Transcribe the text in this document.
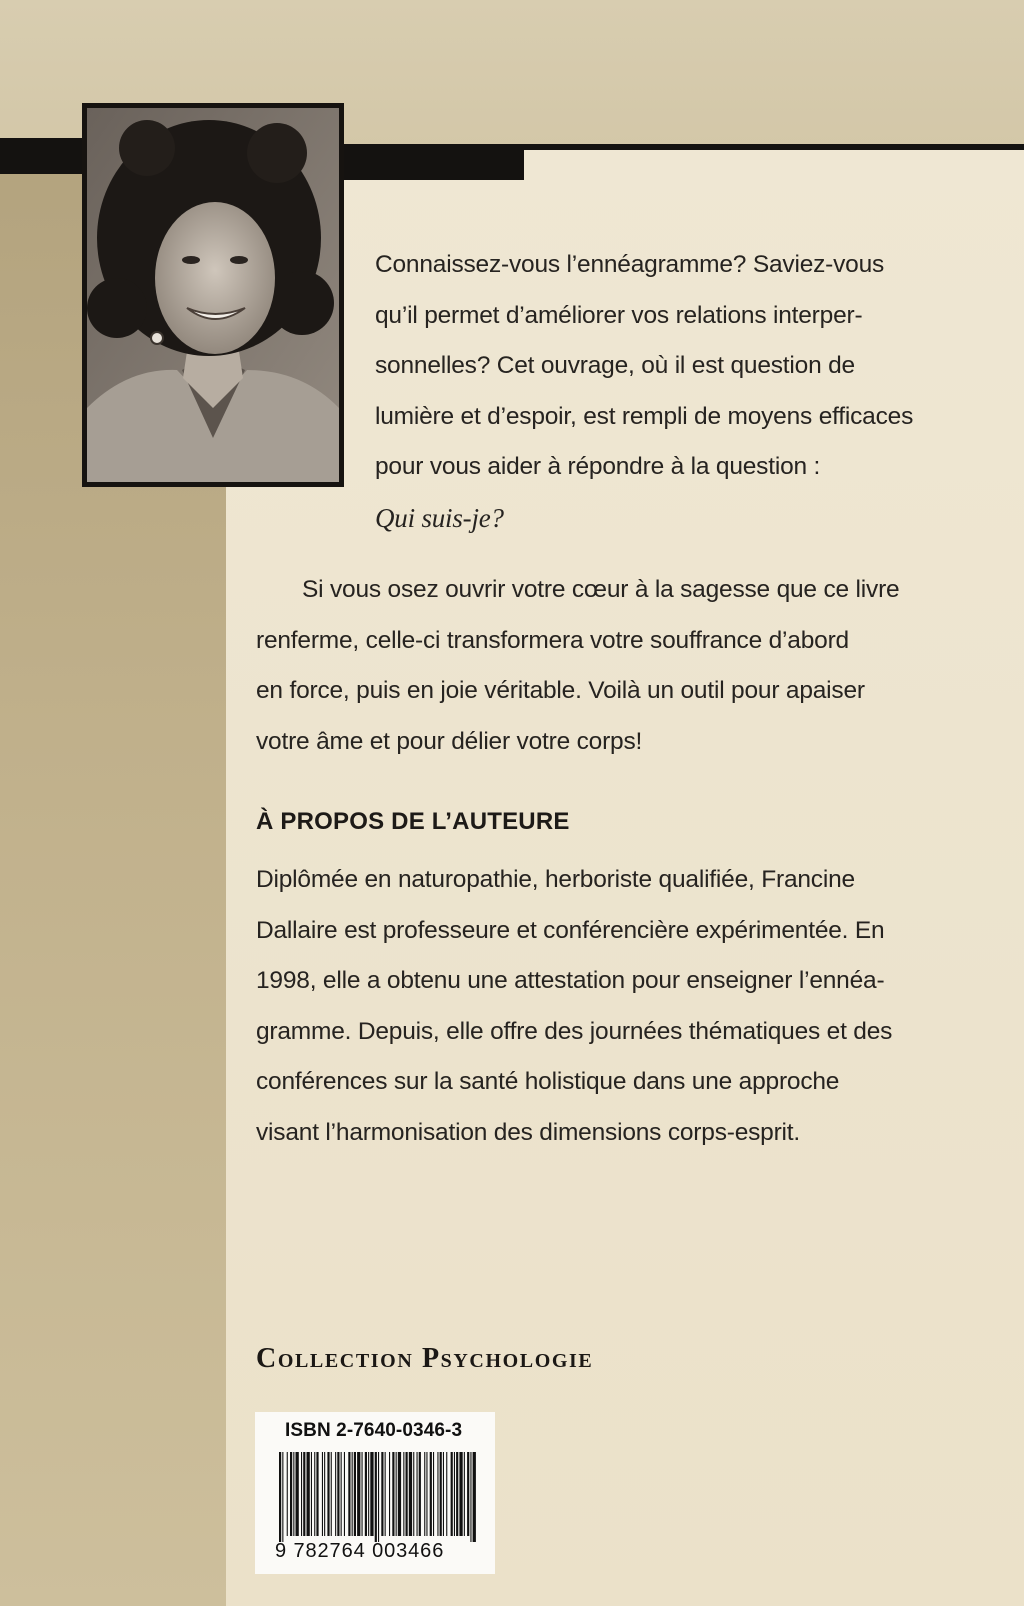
Connaissez-vous l’ennéagramme? Saviez-vous
qu’il permet d’améliorer vos relations interper-
sonnelles? Cet ouvrage, où il est question de
lumière et d’espoir, est rempli de moyens efficaces
pour vous aider à répondre à la question :
Qui suis-je?
Si vous osez ouvrir votre cœur à la sagesse que ce livre
renferme, celle-ci transformera votre souffrance d’abord
en force, puis en joie véritable. Voilà un outil pour apaiser
votre âme et pour délier votre corps!
À PROPOS DE L’AUTEURE
Diplômée en naturopathie, herboriste qualifiée, Francine
Dallaire est professeure et conférencière expérimentée. En
1998, elle a obtenu une attestation pour enseigner l’ennéa-
gramme. Depuis, elle offre des journées thématiques et des
conférences sur la santé holistique dans une approche
visant l’harmonisation des dimensions corps-esprit.
Collection Psychologie
ISBN 2-7640-0346-3
9 782764 003466
